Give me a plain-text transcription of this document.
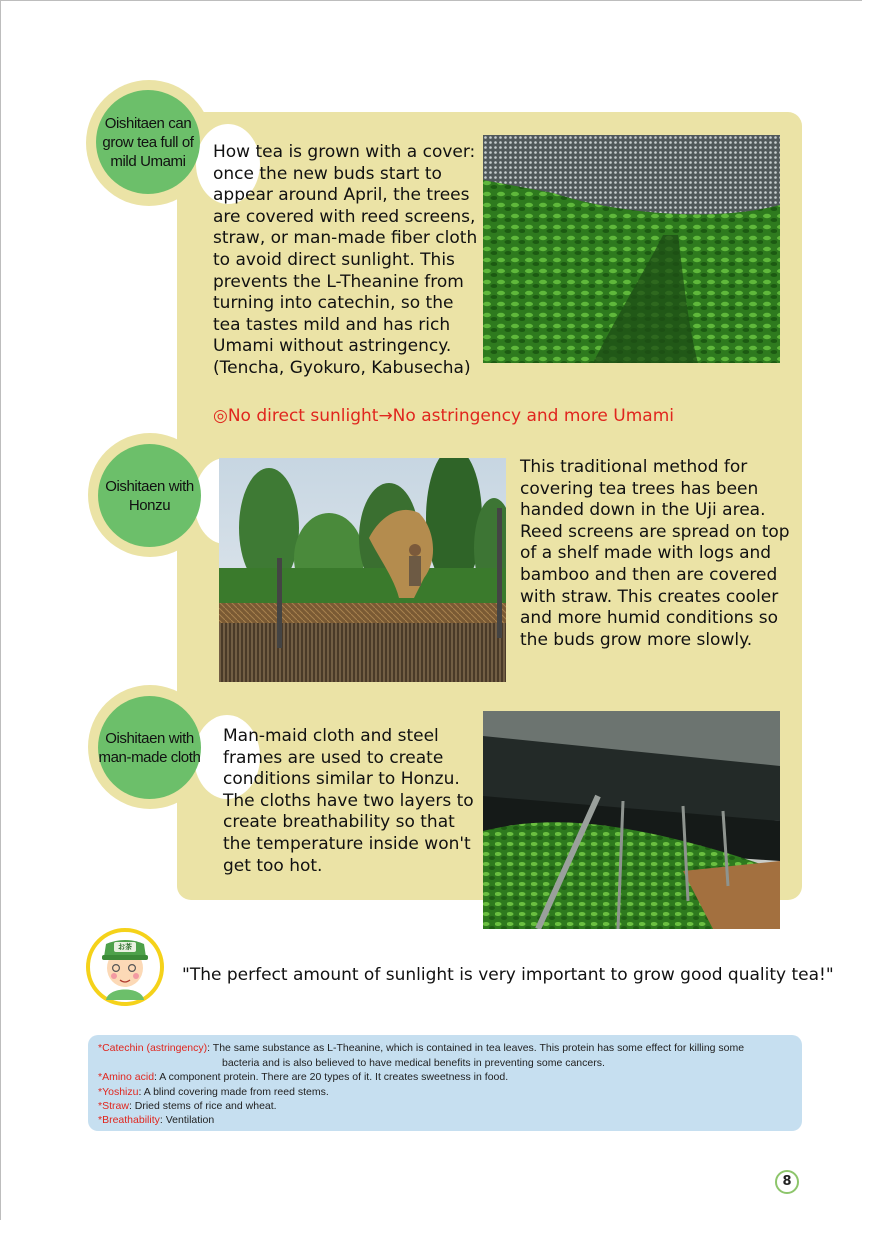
Oishitaen can grow tea full of mild Umami	How tea is grown with a cover: once the new buds start to appear around April, the trees are covered with reed screens, straw, or man-made fiber cloth to avoid direct sunlight. This prevents the L-Theanine from turning into catechin, so the tea tastes mild and has rich Umami without astringency. (Tencha, Gyokuro, Kabusecha)

◎No direct sunlight→No astringency and more Umami

Oishitaen with Honzu

This traditional method for covering tea trees has been handed down in the Uji area. Reed screens are spread on top of a shelf made with logs and bamboo and then are covered with straw. This creates cooler and more humid conditions so the buds grow more slowly.

Oishitaen with man-made cloth

Man-maid cloth and steel frames are used to create conditions similar to Honzu. The cloths have two layers to create breathability so that the temperature inside won't get too hot.

お茶
"The perfect amount of sunlight is very important to grow good quality tea!"
*Catechin (astringency): The same substance as L-Theanine, which is contained in tea leaves. This protein has some effect for killing some
bacteria and is also believed to have medical benefits in preventing some cancers.
*Amino acid: A component protein. There are 20 types of it. It creates sweetness in food.
*Yoshizu: A blind covering made from reed stems.
*Straw: Dried stems of rice and wheat.
*Breathability: Ventilation
8
